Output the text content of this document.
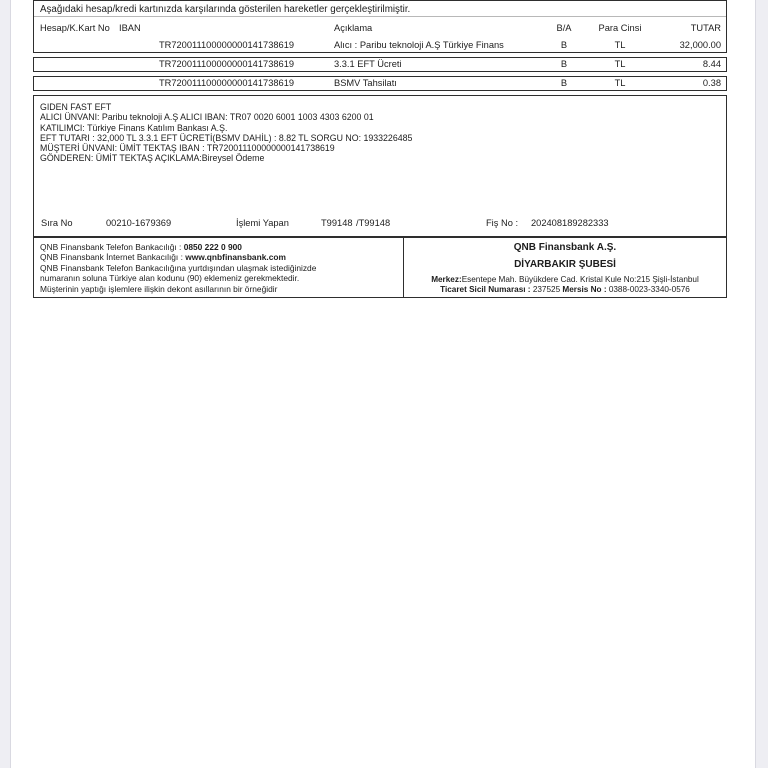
Aşağıdaki hesap/kredi kartınızda karşılarında gösterilen hareketler gerçekleştirilmiştir.
Hesap/K.Kart No IBAN	Açıklama	B/A	Para Cinsi	TUTAR
TR720011100000000141738619	Alıcı : Paribu teknoloji A.Ş Türkiye Finans	B	TL	32,000.00
TR720011100000000141738619	3.3.1 EFT Ücreti	B	TL	8.44
TR720011100000000141738619	BSMV Tahsilatı	B	TL	0.38
GIDEN FAST EFT
ALICI ÜNVANI: Paribu teknoloji A.Ş ALICI IBAN: TR07 0020 6001 1003 4303 6200 01
KATILIMCI: Türkiye Finans Katılım Bankası A.Ş.
EFT TUTARI : 32,000 TL 3.3.1 EFT ÜCRETİ(BSMV DAHİL) : 8.82 TL SORGU NO: 1933226485
MÜŞTERİ ÜNVANI: ÜMİT TEKTAŞ IBAN : TR720011100000000141738619
GÖNDEREN: ÜMİT TEKTAŞ AÇIKLAMA:Bireysel Ödeme
Sıra No	00210-1679369	İşlemi Yapan	T99148 /T99148	Fiş No : 202408189282333
QNB Finansbank Telefon Bankacılığı : 0850 222 0 900
QNB Finansbank İnternet Bankacılığı : www.qnbfinansbank.com
QNB Finansbank Telefon Bankacılığına yurtdışından ulaşmak istediğinizde
numaranın soluna Türkiye alan kodunu (90) eklemeniz gerekmektedir.
Müşterinin yaptığı işlemlere ilişkin dekont asıllarının bir örneğidir
QNB Finansbank A.Ş.
DİYARBAKIR ŞUBESİ
Merkez:Esentepe Mah. Büyükdere Cad. Kristal Kule No:215 Şişli-İstanbul
Ticaret Sicil Numarası : 237525 Mersis No : 0388-0023-3340-0576
